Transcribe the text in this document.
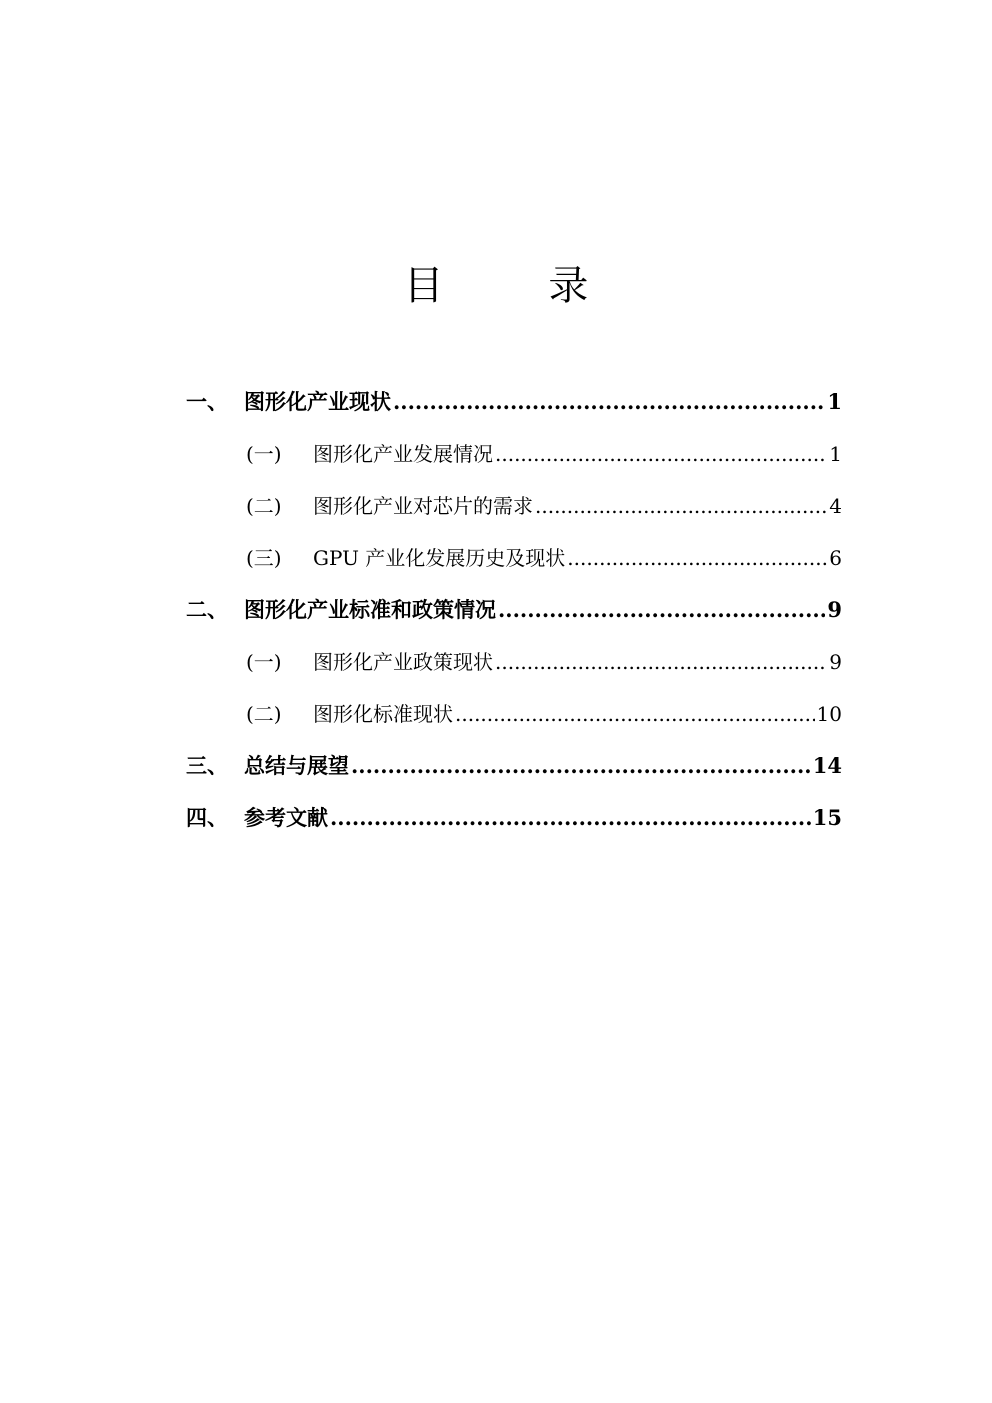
目 录
一、 图形化产业现状 .....	1
(一)	图形化产业发展情况 .....	1
(二)	图形化产业对芯片的需求 .....	4
(三)	GPU 产业化发展历史及现状 .....	6
二、 图形化产业标准和政策情况 .....	9
(一)	图形化产业政策现状 .....	9
(二)	图形化标准现状 .....	10
三、 总结与展望 .....	14
四、 参考文献 .....	15
